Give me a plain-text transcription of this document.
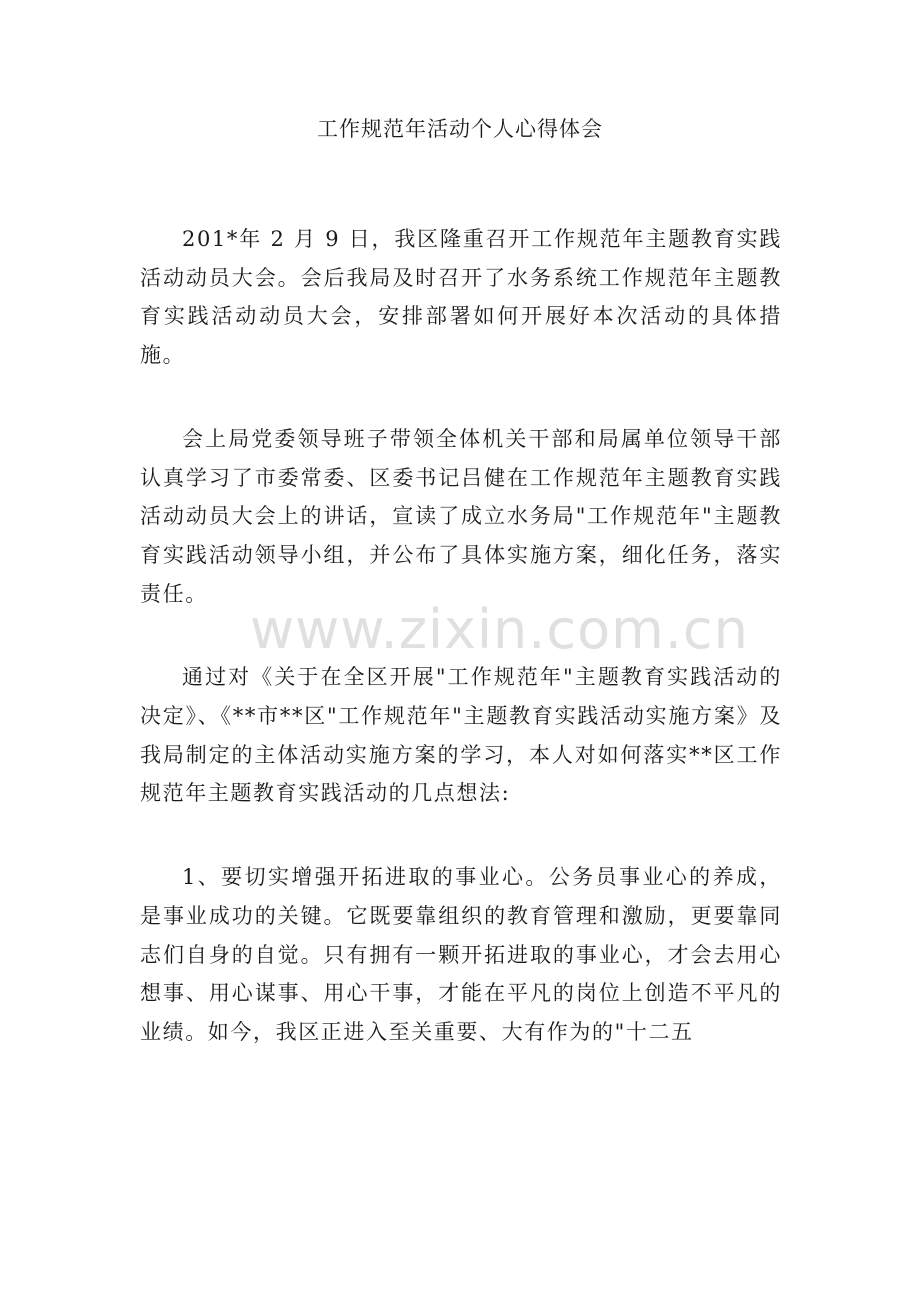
工作规范年活动个人心得体会

201*年 2 月 9 日，我区隆重召开工作规范年主题教育实践活动动员大会。会后我局及时召开了水务系统工作规范年主题教育实践活动动员大会，安排部署如何开展好本次活动的具体措施。

会上局党委领导班子带领全体机关干部和局属单位领导干部认真学习了市委常委、区委书记吕健在工作规范年主题教育实践活动动员大会上的讲话，宣读了成立水务局"工作规范年"主题教育实践活动领导小组，并公布了具体实施方案，细化任务，落实责任。

通过对《关于在全区开展"工作规范年"主题教育实践活动的决定》、《**市**区"工作规范年"主题教育实践活动实施方案》及我局制定的主体活动实施方案的学习，本人对如何落实**区工作规范年主题教育实践活动的几点想法:

1、要切实增强开拓进取的事业心。公务员事业心的养成，是事业成功的关键。它既要靠组织的教育管理和激励，更要靠同志们自身的自觉。只有拥有一颗开拓进取的事业心，才会去用心想事、用心谋事、用心干事，才能在平凡的岗位上创造不平凡的业绩。如今，我区正进入至关重要、大有作为的"十二五

www.zixin.com.cn
